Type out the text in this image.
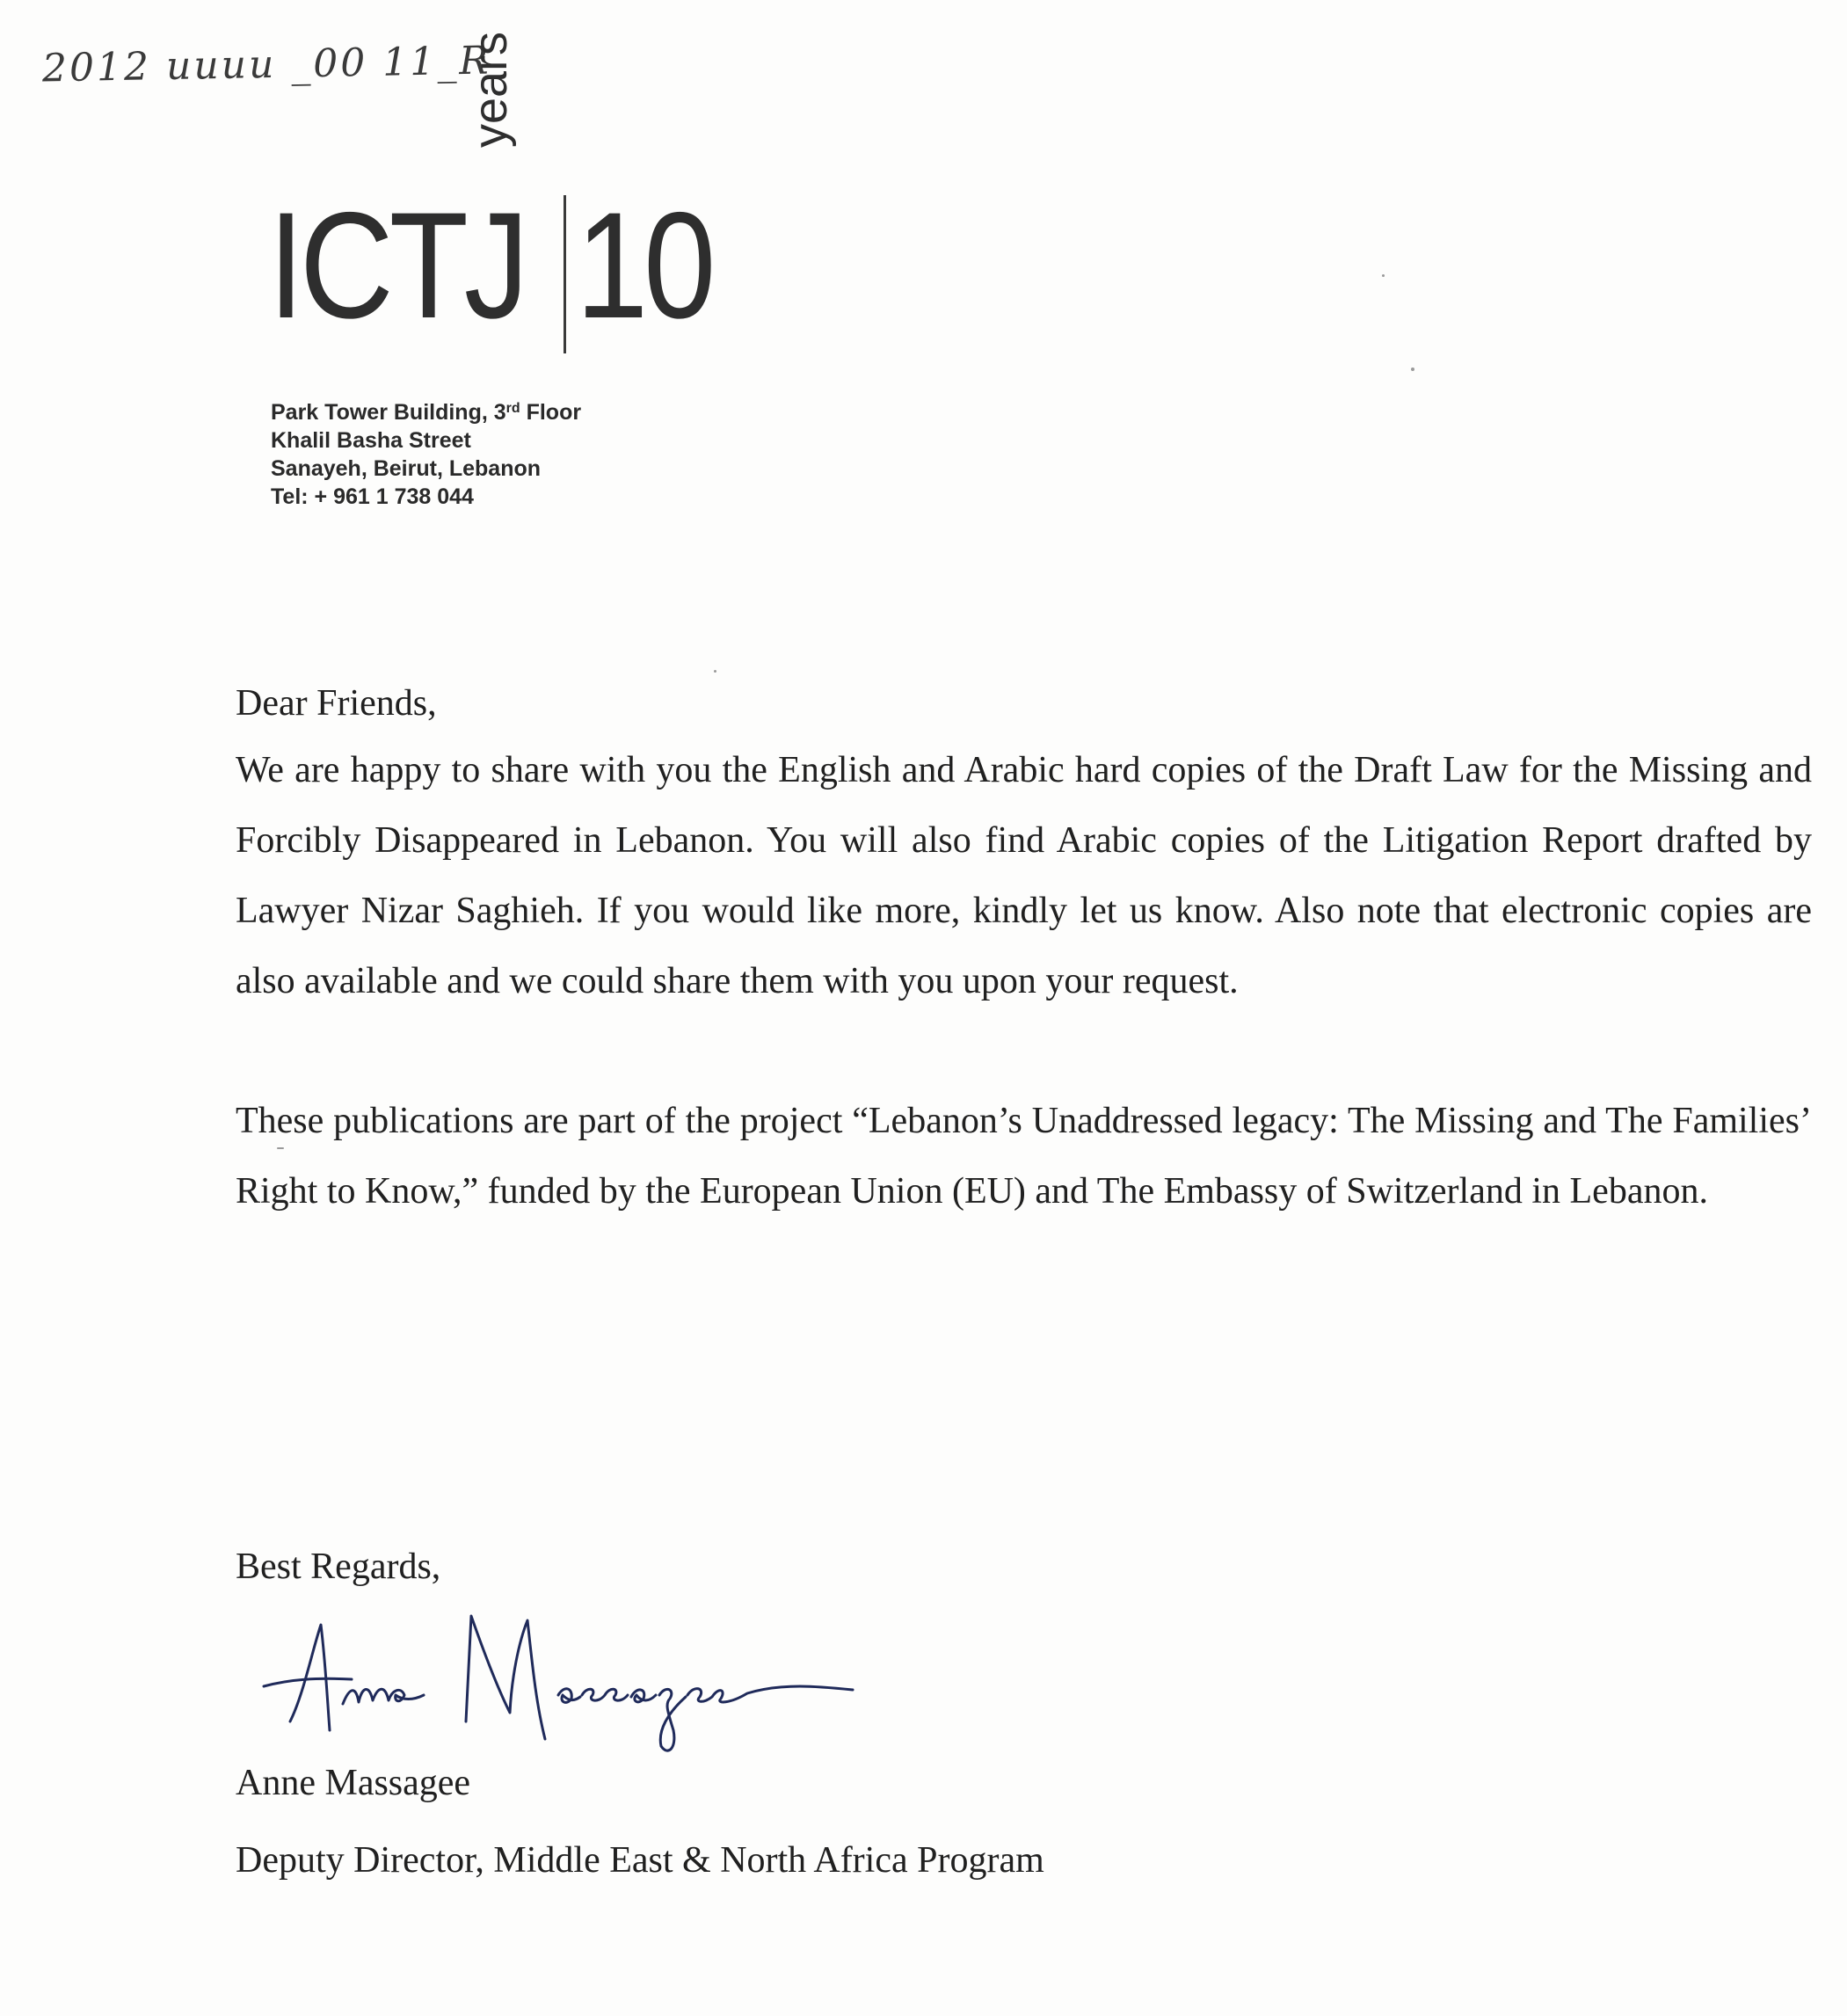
2012 uuuu _00 11_R
ICTJ 10
years
Park Tower Building, 3rd Floor
Khalil Basha Street
Sanayeh, Beirut, Lebanon
Tel: + 961 1 738 044

Dear Friends,

We are happy to share with you the English and Arabic hard copies of the Draft Law for the Missing and Forcibly Disappeared in Lebanon. You will also find Arabic copies of the Litigation Report drafted by Lawyer Nizar Saghieh. If you would like more, kindly let us know. Also note that electronic copies are also available and we could share them with you upon your request.

These publications are part of the project “Lebanon’s Unaddressed legacy: The Missing and The Families’ Right to Know,” funded by the European Union (EU) and The Embassy of Switzerland in Lebanon.

Best Regards,
Anne Massagee
Deputy Director, Middle East & North Africa Program
